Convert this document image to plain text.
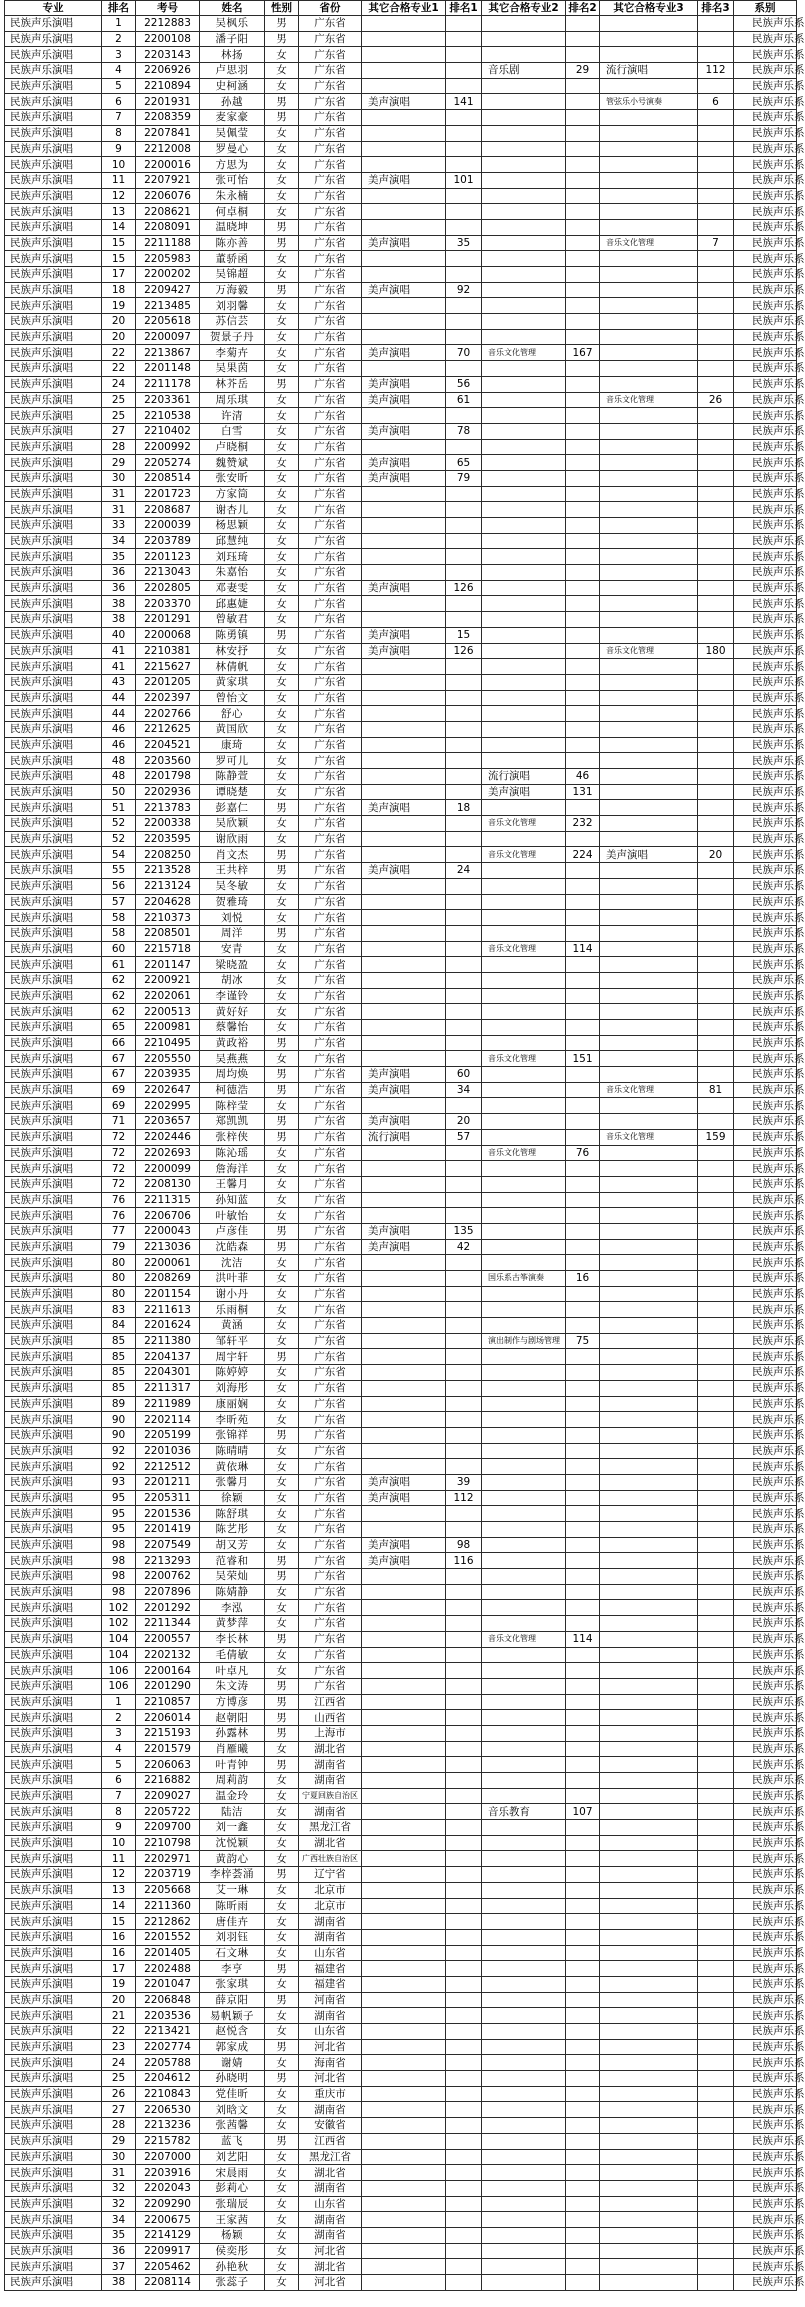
专业	排名	考号	姓名	性别	省份	其它合格专业1	排名1	其它合格专业2	排名2	其它合格专业3	排名3	系别
民族声乐演唱	1	2212883	吴枫乐	男	广东省							民族声乐系
民族声乐演唱	2	2200108	潘子阳	男	广东省							民族声乐系
民族声乐演唱	3	2203143	林扬	女	广东省							民族声乐系
民族声乐演唱	4	2206926	卢思羽	女	广东省			音乐剧	29	流行演唱	112	民族声乐系
民族声乐演唱	5	2210894	史柯涵	女	广东省							民族声乐系
民族声乐演唱	6	2201931	孙越	男	广东省	美声演唱	141			管弦乐小号演奏	6	民族声乐系
民族声乐演唱	7	2208359	麦家豪	男	广东省							民族声乐系
民族声乐演唱	8	2207841	吴佩莹	女	广东省							民族声乐系
民族声乐演唱	9	2212008	罗曼心	女	广东省							民族声乐系
民族声乐演唱	10	2200016	方思为	女	广东省							民族声乐系
民族声乐演唱	11	2207921	张可怡	女	广东省	美声演唱	101					民族声乐系
民族声乐演唱	12	2206076	朱永楠	女	广东省							民族声乐系
民族声乐演唱	13	2208621	何卓桐	女	广东省							民族声乐系
民族声乐演唱	14	2208091	温晓坤	男	广东省							民族声乐系
民族声乐演唱	15	2211188	陈亦善	男	广东省	美声演唱	35			音乐文化管理	7	民族声乐系
民族声乐演唱	15	2205983	董骄函	女	广东省							民族声乐系
民族声乐演唱	17	2200202	吴锦超	女	广东省							民族声乐系
民族声乐演唱	18	2209427	万海毅	男	广东省	美声演唱	92					民族声乐系
民族声乐演唱	19	2213485	刘羽馨	女	广东省							民族声乐系
民族声乐演唱	20	2205618	苏信芸	女	广东省							民族声乐系
民族声乐演唱	20	2200097	贺景子丹	女	广东省							民族声乐系
民族声乐演唱	22	2213867	李菊卉	女	广东省	美声演唱	70	音乐文化管理	167			民族声乐系
民族声乐演唱	22	2201148	吴果茵	女	广东省							民族声乐系
民族声乐演唱	24	2211178	林芥岳	男	广东省	美声演唱	56					民族声乐系
民族声乐演唱	25	2203361	周乐琪	女	广东省	美声演唱	61			音乐文化管理	26	民族声乐系
民族声乐演唱	25	2210538	许清	女	广东省							民族声乐系
民族声乐演唱	27	2210402	白雪	女	广东省	美声演唱	78					民族声乐系
民族声乐演唱	28	2200992	卢晓桐	女	广东省							民族声乐系
民族声乐演唱	29	2205274	魏赞斌	女	广东省	美声演唱	65					民族声乐系
民族声乐演唱	30	2208514	张安昕	女	广东省	美声演唱	79					民族声乐系
民族声乐演唱	31	2201723	方家筒	女	广东省							民族声乐系
民族声乐演唱	31	2208687	谢杏儿	女	广东省							民族声乐系
民族声乐演唱	33	2200039	杨思颖	女	广东省							民族声乐系
民族声乐演唱	34	2203789	邱慧纯	女	广东省							民族声乐系
民族声乐演唱	35	2201123	刘珏琦	女	广东省							民族声乐系
民族声乐演唱	36	2213043	朱嘉怡	女	广东省							民族声乐系
民族声乐演唱	36	2202805	邓妻雯	女	广东省	美声演唱	126					民族声乐系
民族声乐演唱	38	2203370	邱惠婕	女	广东省							民族声乐系
民族声乐演唱	38	2201291	曾敏君	女	广东省							民族声乐系
民族声乐演唱	40	2200068	陈勇镇	男	广东省	美声演唱	15					民族声乐系
民族声乐演唱	41	2210381	林安抒	女	广东省	美声演唱	126			音乐文化管理	180	民族声乐系
民族声乐演唱	41	2215627	林倩帆	女	广东省							民族声乐系
民族声乐演唱	43	2201205	黄家琪	女	广东省							民族声乐系
民族声乐演唱	44	2202397	曾怡文	女	广东省							民族声乐系
民族声乐演唱	44	2202766	舒心	女	广东省							民族声乐系
民族声乐演唱	46	2212625	黄国欣	女	广东省							民族声乐系
民族声乐演唱	46	2204521	康琦	女	广东省							民族声乐系
民族声乐演唱	48	2203560	罗可儿	女	广东省							民族声乐系
民族声乐演唱	48	2201798	陈静萱	女	广东省			流行演唱	46			民族声乐系
民族声乐演唱	50	2202936	谭晓楚	女	广东省			美声演唱	131			民族声乐系
民族声乐演唱	51	2213783	彭嘉仁	男	广东省	美声演唱	18					民族声乐系
民族声乐演唱	52	2200338	吴欣颖	女	广东省			音乐文化管理	232			民族声乐系
民族声乐演唱	52	2203595	谢欣雨	女	广东省							民族声乐系
民族声乐演唱	54	2208250	肖文杰	男	广东省			音乐文化管理	224	美声演唱	20	民族声乐系
民族声乐演唱	55	2213528	王共梓	男	广东省	美声演唱	24					民族声乐系
民族声乐演唱	56	2213124	吴冬敏	女	广东省							民族声乐系
民族声乐演唱	57	2204628	贺雅琦	女	广东省							民族声乐系
民族声乐演唱	58	2210373	刘悦	女	广东省							民族声乐系
民族声乐演唱	58	2208501	周洋	男	广东省							民族声乐系
民族声乐演唱	60	2215718	安青	女	广东省			音乐文化管理	114			民族声乐系
民族声乐演唱	61	2201147	梁晓盈	女	广东省							民族声乐系
民族声乐演唱	62	2200921	胡冰	女	广东省							民族声乐系
民族声乐演唱	62	2202061	李谨铃	女	广东省							民族声乐系
民族声乐演唱	62	2200513	黄好好	女	广东省							民族声乐系
民族声乐演唱	65	2200981	蔡馨怡	女	广东省							民族声乐系
民族声乐演唱	66	2210495	黄政裕	男	广东省							民族声乐系
民族声乐演唱	67	2205550	吴燕燕	女	广东省			音乐文化管理	151			民族声乐系
民族声乐演唱	67	2203935	周均焕	男	广东省	美声演唱	60					民族声乐系
民族声乐演唱	69	2202647	柯德浩	男	广东省	美声演唱	34			音乐文化管理	81	民族声乐系
民族声乐演唱	69	2202995	陈梓莹	女	广东省							民族声乐系
民族声乐演唱	71	2203657	郑凯凯	男	广东省	美声演唱	20					民族声乐系
民族声乐演唱	72	2202446	张梓侠	男	广东省	流行演唱	57			音乐文化管理	159	民族声乐系
民族声乐演唱	72	2202693	陈沁瑶	女	广东省			音乐文化管理	76			民族声乐系
民族声乐演唱	72	2200099	詹海洋	女	广东省							民族声乐系
民族声乐演唱	72	2208130	王馨月	女	广东省							民族声乐系
民族声乐演唱	76	2211315	孙知蓝	女	广东省							民族声乐系
民族声乐演唱	76	2206706	叶敏怡	女	广东省							民族声乐系
民族声乐演唱	77	2200043	卢彦佳	男	广东省	美声演唱	135					民族声乐系
民族声乐演唱	79	2213036	沈皓森	男	广东省	美声演唱	42					民族声乐系
民族声乐演唱	80	2200061	沈洁	女	广东省							民族声乐系
民族声乐演唱	80	2208269	洪叶菲	女	广东省			国乐系古筝演奏	16			民族声乐系
民族声乐演唱	80	2201154	谢小丹	女	广东省							民族声乐系
民族声乐演唱	83	2211613	乐雨桐	女	广东省							民族声乐系
民族声乐演唱	84	2201624	黄涵	女	广东省							民族声乐系
民族声乐演唱	85	2211380	邹轩平	女	广东省			演出制作与剧场管理	75			民族声乐系
民族声乐演唱	85	2204137	周宇轩	男	广东省							民族声乐系
民族声乐演唱	85	2204301	陈婷婷	女	广东省							民族声乐系
民族声乐演唱	85	2211317	刘海彤	女	广东省							民族声乐系
民族声乐演唱	89	2211989	康丽娴	女	广东省							民族声乐系
民族声乐演唱	90	2202114	李昕苑	女	广东省							民族声乐系
民族声乐演唱	90	2205199	张锦祥	男	广东省							民族声乐系
民族声乐演唱	92	2201036	陈晴晴	女	广东省							民族声乐系
民族声乐演唱	92	2212512	黄依琳	女	广东省							民族声乐系
民族声乐演唱	93	2201211	张馨月	女	广东省	美声演唱	39					民族声乐系
民族声乐演唱	95	2205311	徐颖	女	广东省	美声演唱	112					民族声乐系
民族声乐演唱	95	2201536	陈舒琪	女	广东省							民族声乐系
民族声乐演唱	95	2201419	陈艺彤	女	广东省							民族声乐系
民族声乐演唱	98	2207549	胡又芳	女	广东省	美声演唱	98					民族声乐系
民族声乐演唱	98	2213293	范睿和	男	广东省	美声演唱	116					民族声乐系
民族声乐演唱	98	2200762	吴荣灿	男	广东省							民族声乐系
民族声乐演唱	98	2207896	陈婧静	女	广东省							民族声乐系
民族声乐演唱	102	2201292	李泓	女	广东省							民族声乐系
民族声乐演唱	102	2211344	黄梦萍	女	广东省							民族声乐系
民族声乐演唱	104	2200557	李长林	男	广东省			音乐文化管理	114			民族声乐系
民族声乐演唱	104	2202132	毛倩敏	女	广东省							民族声乐系
民族声乐演唱	106	2200164	叶卓凡	女	广东省							民族声乐系
民族声乐演唱	106	2201290	朱文涛	男	广东省							民族声乐系
民族声乐演唱	1	2210857	方博彦	男	江西省							民族声乐系
民族声乐演唱	2	2206014	赵朝阳	男	山西省							民族声乐系
民族声乐演唱	3	2215193	孙露林	男	上海市							民族声乐系
民族声乐演唱	4	2201579	肖雁曦	女	湖北省							民族声乐系
民族声乐演唱	5	2206063	叶青钟	男	湖南省							民族声乐系
民族声乐演唱	6	2216882	周莉韵	女	湖南省							民族声乐系
民族声乐演唱	7	2209027	温金玲	女	宁夏回族自治区							民族声乐系
民族声乐演唱	8	2205722	陆洁	女	湖南省			音乐教育	107			民族声乐系
民族声乐演唱	9	2209700	刘一鑫	女	黑龙江省							民族声乐系
民族声乐演唱	10	2210798	沈悦颖	女	湖北省							民族声乐系
民族声乐演唱	11	2202971	黄韵心	女	广西壮族自治区							民族声乐系
民族声乐演唱	12	2203719	李梓荟涌	男	辽宁省							民族声乐系
民族声乐演唱	13	2205668	艾一琳	女	北京市							民族声乐系
民族声乐演唱	14	2211360	陈昕雨	女	北京市							民族声乐系
民族声乐演唱	15	2212862	唐佳卉	女	湖南省							民族声乐系
民族声乐演唱	16	2201552	刘羽钰	女	湖南省							民族声乐系
民族声乐演唱	16	2201405	石文琳	女	山东省							民族声乐系
民族声乐演唱	17	2202488	李亨	男	福建省							民族声乐系
民族声乐演唱	19	2201047	张家琪	女	福建省							民族声乐系
民族声乐演唱	20	2206848	薛京阳	男	河南省							民族声乐系
民族声乐演唱	21	2203536	易帆颖子	女	湖南省							民族声乐系
民族声乐演唱	22	2213421	赵悦含	女	山东省							民族声乐系
民族声乐演唱	23	2202774	郭家成	男	河北省							民族声乐系
民族声乐演唱	24	2205788	谢婧	女	海南省							民族声乐系
民族声乐演唱	25	2204612	孙晓明	男	河北省							民族声乐系
民族声乐演唱	26	2210843	党佳昕	女	重庆市							民族声乐系
民族声乐演唱	27	2206530	刘晗文	女	湖南省							民族声乐系
民族声乐演唱	28	2213236	张茜馨	女	安徽省							民族声乐系
民族声乐演唱	29	2215782	蓝飞	男	江西省							民族声乐系
民族声乐演唱	30	2207000	刘艺阳	女	黑龙江省							民族声乐系
民族声乐演唱	31	2203916	宋晨雨	女	湖北省							民族声乐系
民族声乐演唱	32	2202043	彭莉心	女	湖南省							民族声乐系
民族声乐演唱	32	2209290	张瑞辰	女	山东省							民族声乐系
民族声乐演唱	34	2200675	王家茜	女	湖南省							民族声乐系
民族声乐演唱	35	2214129	杨颖	女	湖南省							民族声乐系
民族声乐演唱	36	2209917	侯奕彤	女	河北省							民族声乐系
民族声乐演唱	37	2205462	孙艳秋	女	湖北省							民族声乐系
民族声乐演唱	38	2208114	张蕊子	女	河北省							民族声乐系
